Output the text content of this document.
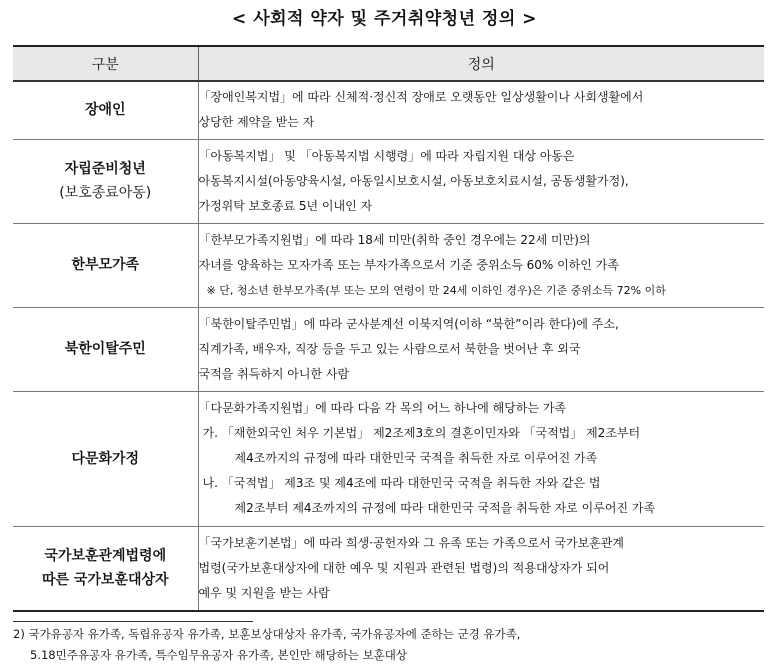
< 사회적 약자 및 주거취약청년 정의 >
구분	정의
장애인	「장애인복지법」에 따라 신체적·정신적 장애로 오랫동안 일상생활이나 사회생활에서
상당한 제약을 받는 자

자립준비청년
(보호종료아동)	「아동복지법」 및 「아동복지법 시행령」에 따라 자립지원 대상 아동은
아동복지시설(아동양육시설, 아동일시보호시설, 아동보호치료시설, 공동생활가정),
가정위탁 보호종료 5년 이내인 자

한부모가족	「한부모가족지원법」에 따라 18세 미만(취학 중인 경우에는 22세 미만)의
자녀를 양육하는 모자가족 또는 부자가족으로서 기준 중위소득 60% 이하인 가족
※ 단, 청소년 한부모가족(부 또는 모의 연령이 만 24세 이하인 경우)은 기준 중위소득 72% 이하

북한이탈주민	「북한이탈주민법」에 따라 군사분계선 이북지역(이하 “북한”이라 한다)에 주소,
직계가족, 배우자, 직장 등을 두고 있는 사람으로서 북한을 벗어난 후 외국
국적을 취득하지 아니한 사람

다문화가정	「다문화가족지원법」에 따라 다음 각 목의 어느 하나에 해당하는 가족
가. 「재한외국인 처우 기본법」 제2조제3호의 결혼이민자와 「국적법」 제2조부터
제4조까지의 규정에 따라 대한민국 국적을 취득한 자로 이루어진 가족
나. 「국적법」 제3조 및 제4조에 따라 대한민국 국적을 취득한 자와 같은 법
제2조부터 제4조까지의 규정에 따라 대한민국 국적을 취득한 자로 이루어진 가족

국가보훈관계법령에
따른 국가보훈대상자	「국가보훈기본법」에 따라 희생·공헌자와 그 유족 또는 가족으로서 국가보훈관계
법령(국가보훈대상자에 대한 예우 및 지원과 관련된 법령)의 적용대상자가 되어
예우 및 지원을 받는 사람
2) 국가유공자 유가족, 독립유공자 유가족, 보훈보상대상자 유가족, 국가유공자에 준하는 군경 유가족,
5.18민주유공자 유가족, 특수임무유공자 유가족, 본인만 해당하는 보훈대상
